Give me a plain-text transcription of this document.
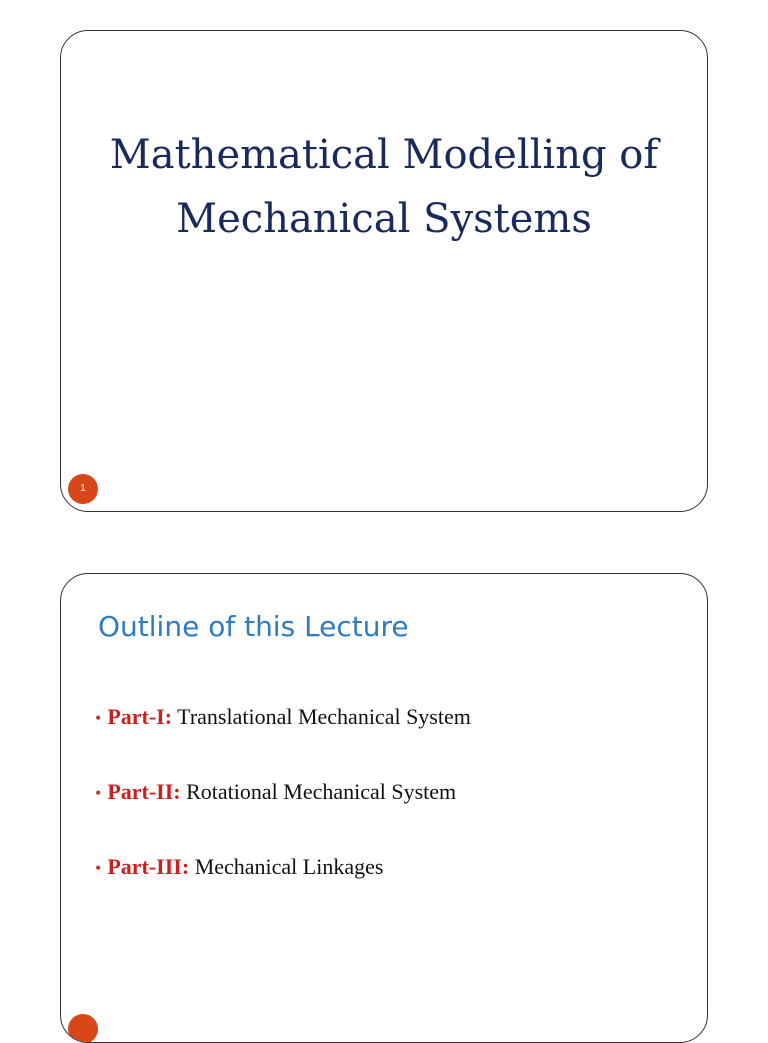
Mathematical Modelling of
Mechanical Systems
1
Outline of this Lecture
• Part-I: Translational Mechanical System
• Part-II: Rotational Mechanical System
• Part-III: Mechanical Linkages
